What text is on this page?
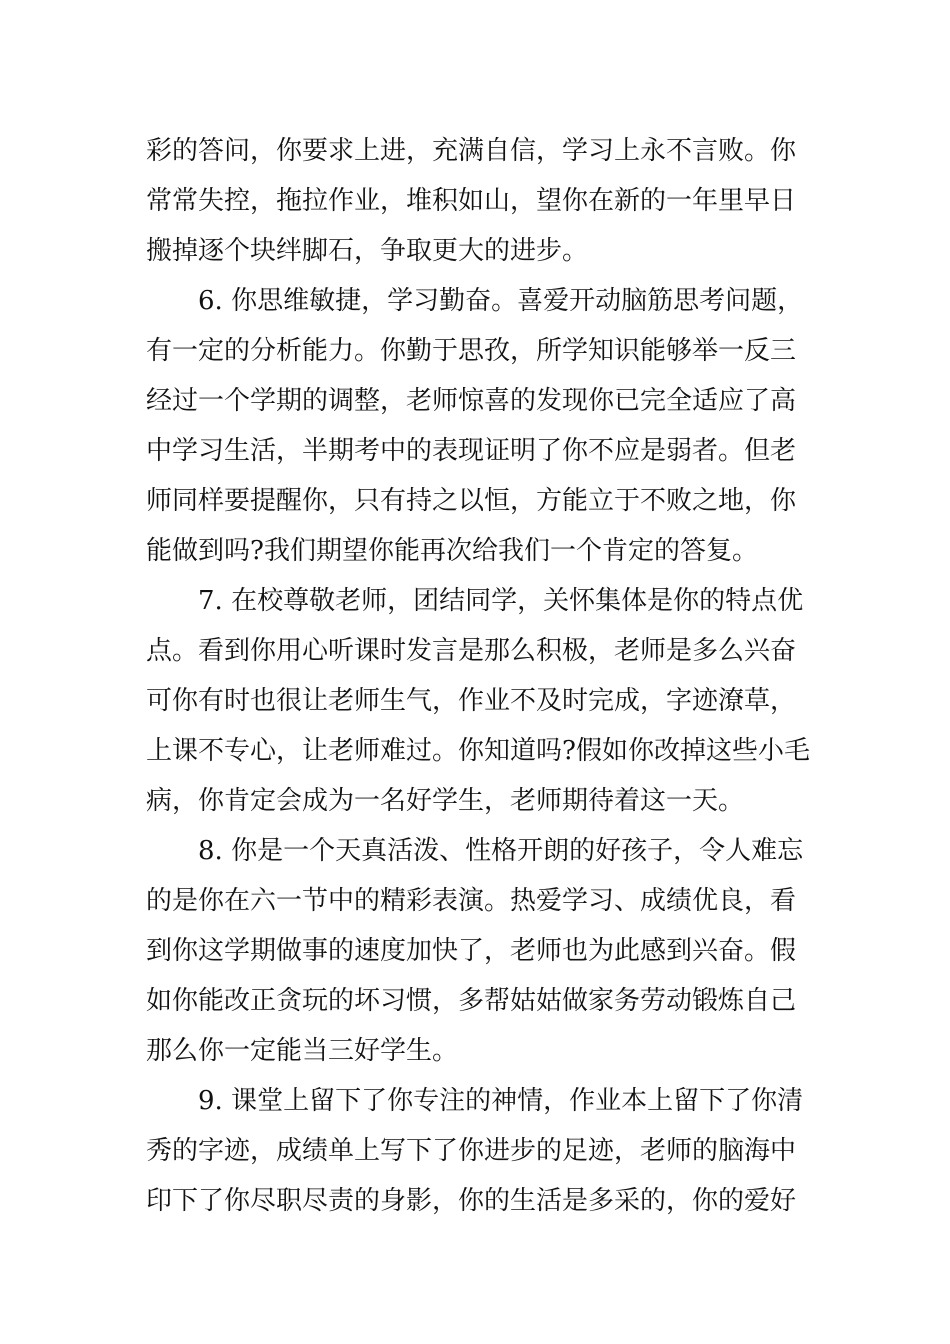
彩的答问，你要求上进，充满自信，学习上永不言败。你
常常失控，拖拉作业，堆积如山，望你在新的一年里早日
搬掉逐个块绊脚石，争取更大的进步。
　　6. 你思维敏捷，学习勤奋。喜爱开动脑筋思考问题，
有一定的分析能力。你勤于思孜，所学知识能够举一反三
经过一个学期的调整，老师惊喜的发现你已完全适应了高
中学习生活，半期考中的表现证明了你不应是弱者。但老
师同样要提醒你，只有持之以恒，方能立于不败之地，你
能做到吗?我们期望你能再次给我们一个肯定的答复。
　　7. 在校尊敬老师，团结同学，关怀集体是你的特点优
点。看到你用心听课时发言是那么积极，老师是多么兴奋
可你有时也很让老师生气，作业不及时完成，字迹潦草，
上课不专心，让老师难过。你知道吗?假如你改掉这些小毛
病，你肯定会成为一名好学生，老师期待着这一天。
　　8. 你是一个天真活泼、性格开朗的好孩子，令人难忘
的是你在六一节中的精彩表演。热爱学习、成绩优良，看
到你这学期做事的速度加快了，老师也为此感到兴奋。假
如你能改正贪玩的坏习惯，多帮姑姑做家务劳动锻炼自己
那么你一定能当三好学生。
　　9. 课堂上留下了你专注的神情，作业本上留下了你清
秀的字迹，成绩单上写下了你进步的足迹，老师的脑海中
印下了你尽职尽责的身影，你的生活是多采的，你的爱好
